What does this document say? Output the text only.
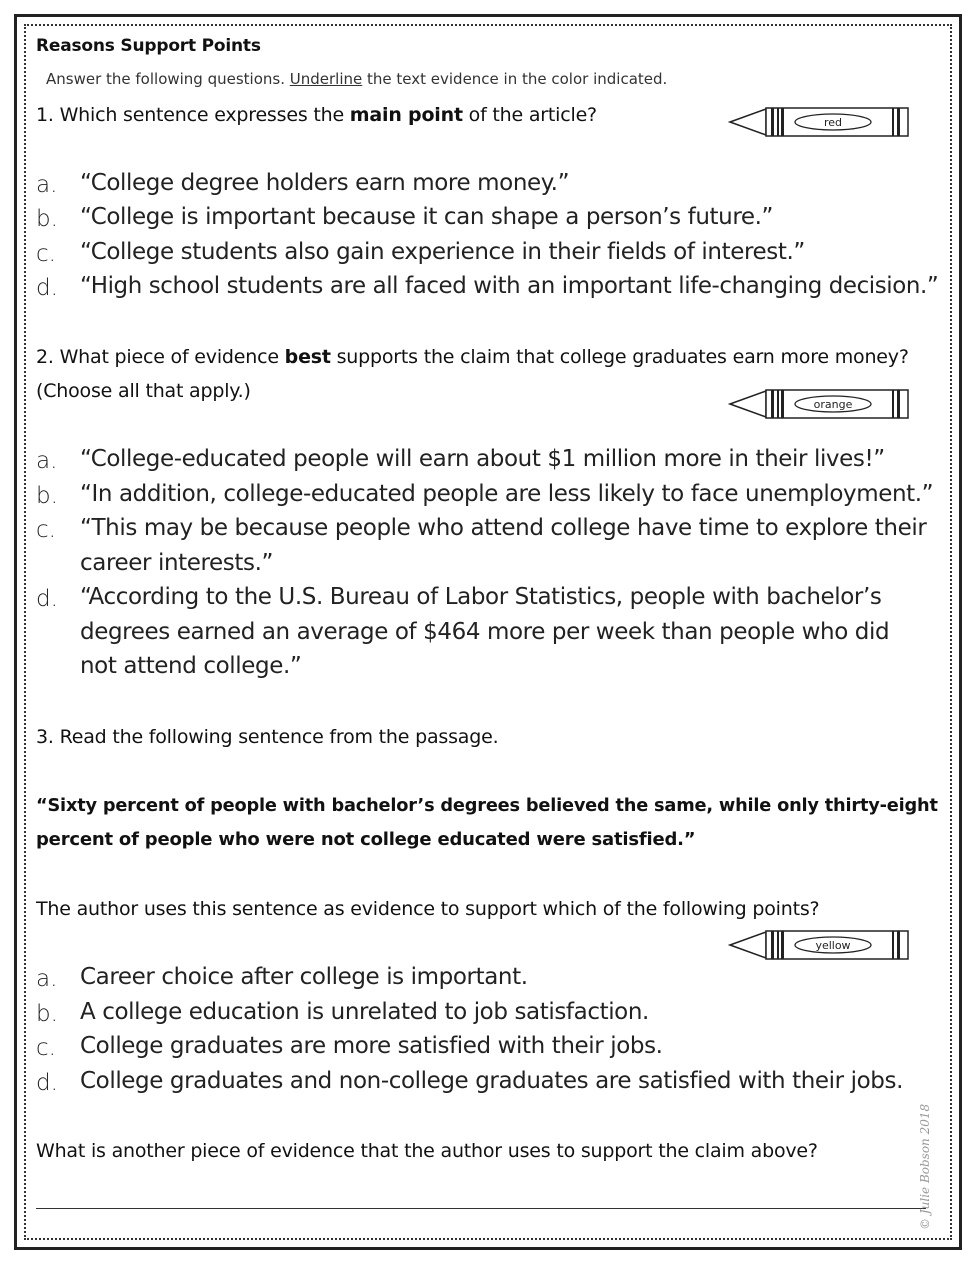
Reasons Support Points
Answer the following questions. Underline the text evidence in the color indicated.
1. Which sentence expresses the main point of the article?	red
a. “College degree holders earn more money.”
b. “College is important because it can shape a person’s future.”
c. “College students also gain experience in their fields of interest.”
d. “High school students are all faced with an important life-changing decision.”
2. What piece of evidence best supports the claim that college graduates earn more money?
(Choose all that apply.)
orange
a. “College-educated people will earn about $1 million more in their lives!”
b. “In addition, college-educated people are less likely to face unemployment.”
c. “This may be because people who attend college have time to explore their
career interests.”
d. “According to the U.S. Bureau of Labor Statistics, people with bachelor’s
degrees earned an average of $464 more per week than people who did
not attend college.”
3. Read the following sentence from the passage.
“Sixty percent of people with bachelor’s degrees believed the same, while only thirty-eight
percent of people who were not college educated were satisfied.”
The author uses this sentence as evidence to support which of the following points?
yellow
a. Career choice after college is important.
b. A college education is unrelated to job satisfaction.
c. College graduates are more satisfied with their jobs.
d. College graduates and non-college graduates are satisfied with their jobs.
What is another piece of evidence that the author uses to support the claim above?	© Julie Bobson 2018
